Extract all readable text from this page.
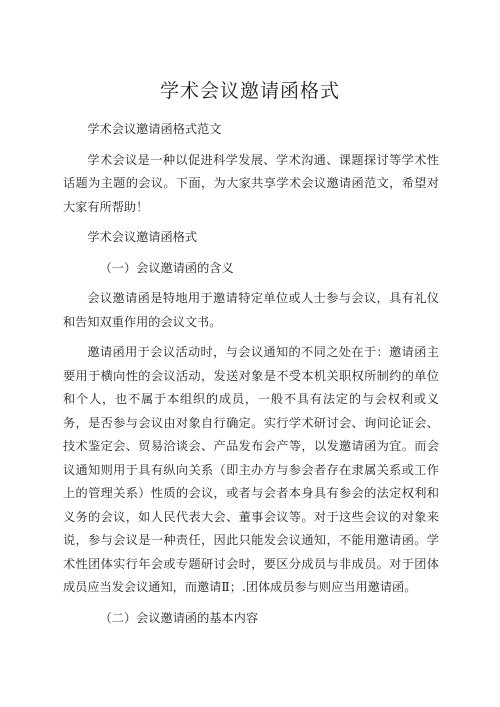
学术会议邀请函格式

学术会议邀请函格式范文

学术会议是一种以促进科学发展、学术沟通、课题探讨等学术性话题为主题的会议。下面，为大家共享学术会议邀请函范文，希望对大家有所帮助！

学术会议邀请函格式

（一）会议邀请函的含义

会议邀请函是特地用于邀请特定单位或人士参与会议，具有礼仪和告知双重作用的会议文书。

邀请函用于会议活动时，与会议通知的不同之处在于：邀请函主要用于横向性的会议活动，发送对象是不受本机关职权所制约的单位和个人，也不属于本组织的成员，一般不具有法定的与会权利或义务，是否参与会议由对象自行确定。实行学术研讨会、询问论证会、技术鉴定会、贸易洽谈会、产品发布会产等，以发邀请函为宜。而会议通知则用于具有纵向关系（即主办方与参会者存在隶属关系或工作上的管理关系）性质的会议，或者与会者本身具有参会的法定权利和义务的会议，如人民代表大会、董事会议等。对于这些会议的对象来说，参与会议是一种责任，因此只能发会议通知，不能用邀请函。学术性团体实行年会或专题研讨会时，要区分成员与非成员。对于团体成员应当发会议通知，而邀请Ⅱ；.团体成员参与则应当用邀请函。

（二）会议邀请函的基本内容
